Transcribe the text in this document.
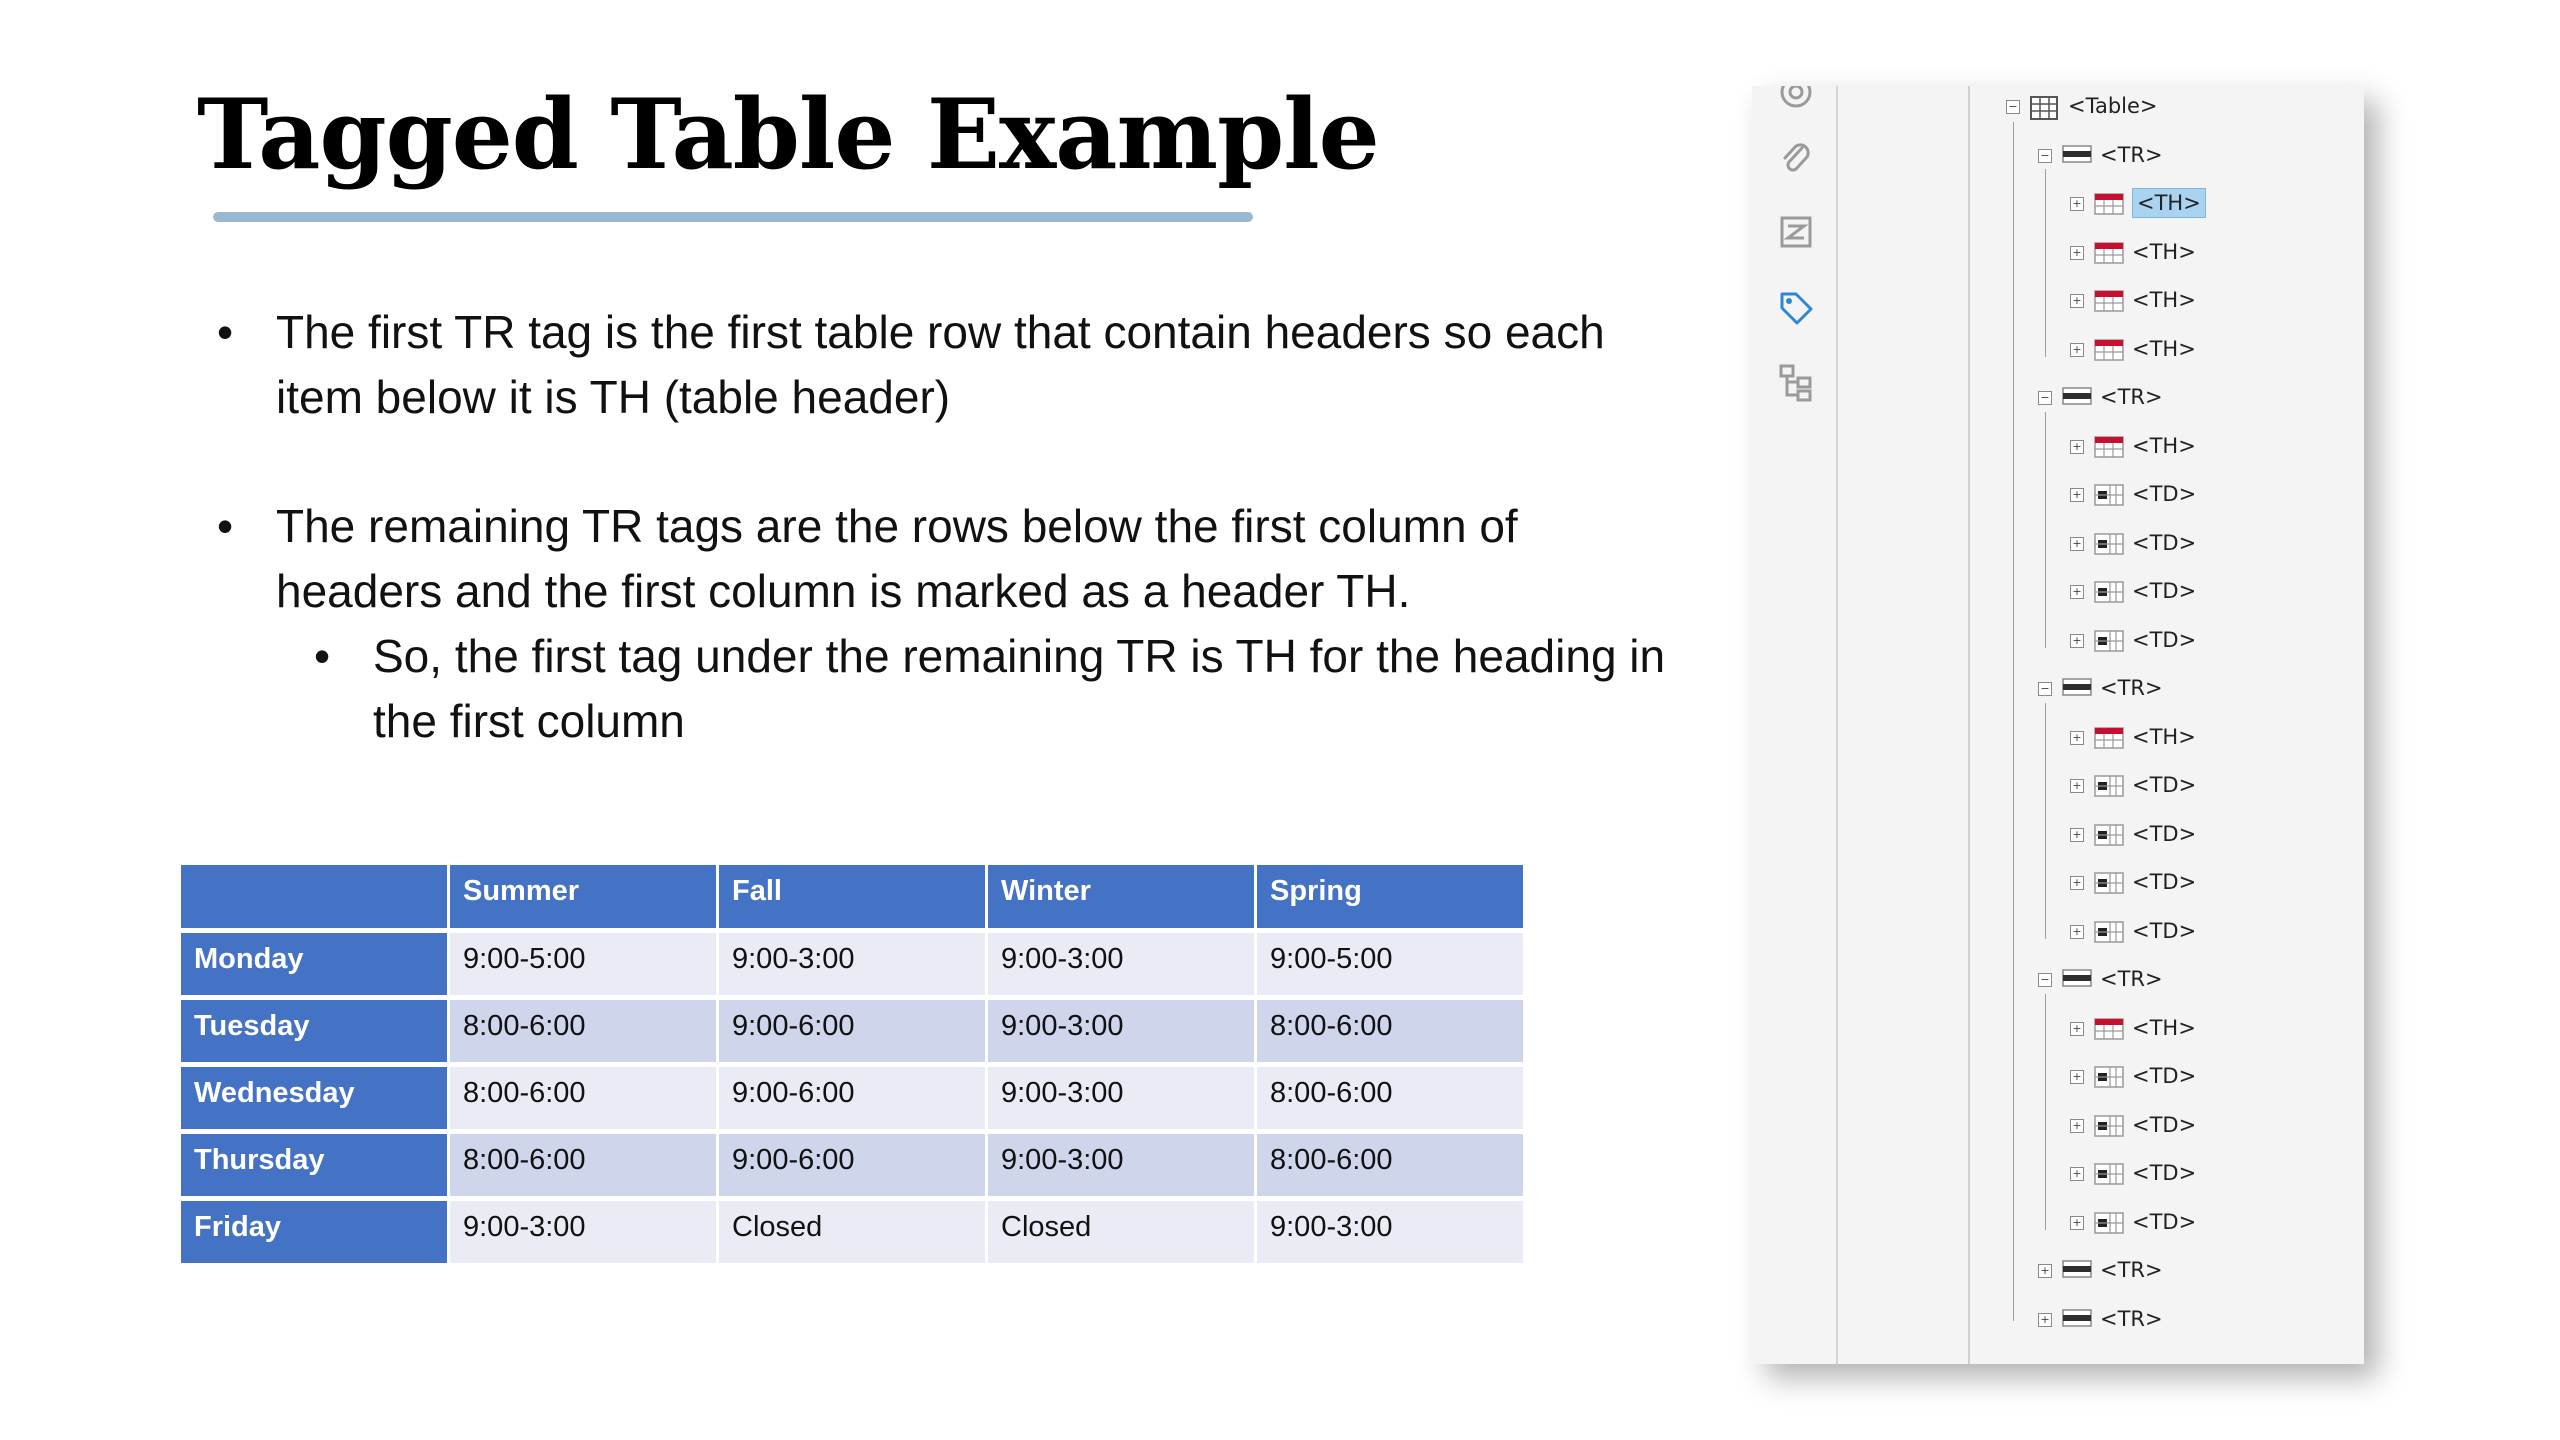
Tagged Table Example
• The first TR tag is the first table row that contain headers so each item below it is TH (table header)
• The remaining TR tags are the rows below the first column of headers and the first column is marked as a header TH.
• So, the first tag under the remaining TR is TH for the heading in the first column
	Summer	Fall	Winter	Spring
Monday	9:00-5:00	9:00-3:00	9:00-3:00	9:00-5:00
Tuesday	8:00-6:00	9:00-6:00	9:00-3:00	8:00-6:00
Wednesday	8:00-6:00	9:00-6:00	9:00-3:00	8:00-6:00
Thursday	8:00-6:00	9:00-6:00	9:00-3:00	8:00-6:00
Friday	9:00-3:00	Closed	Closed	9:00-3:00
− <Table>
− <TR>
+	<TH>
+ <TH>
+ <TH>
+ <TH>
− <TR>
+ <TH>
+ <TD>
+ <TD>
+ <TD>
+ <TD>
− <TR>
+ <TH>
+ <TD>
+ <TD>
+ <TD>
+ <TD>
− <TR>
+ <TH>
+ <TD>
+ <TD>
+ <TD>
+ <TD>
+ <TR>
+ <TR>
